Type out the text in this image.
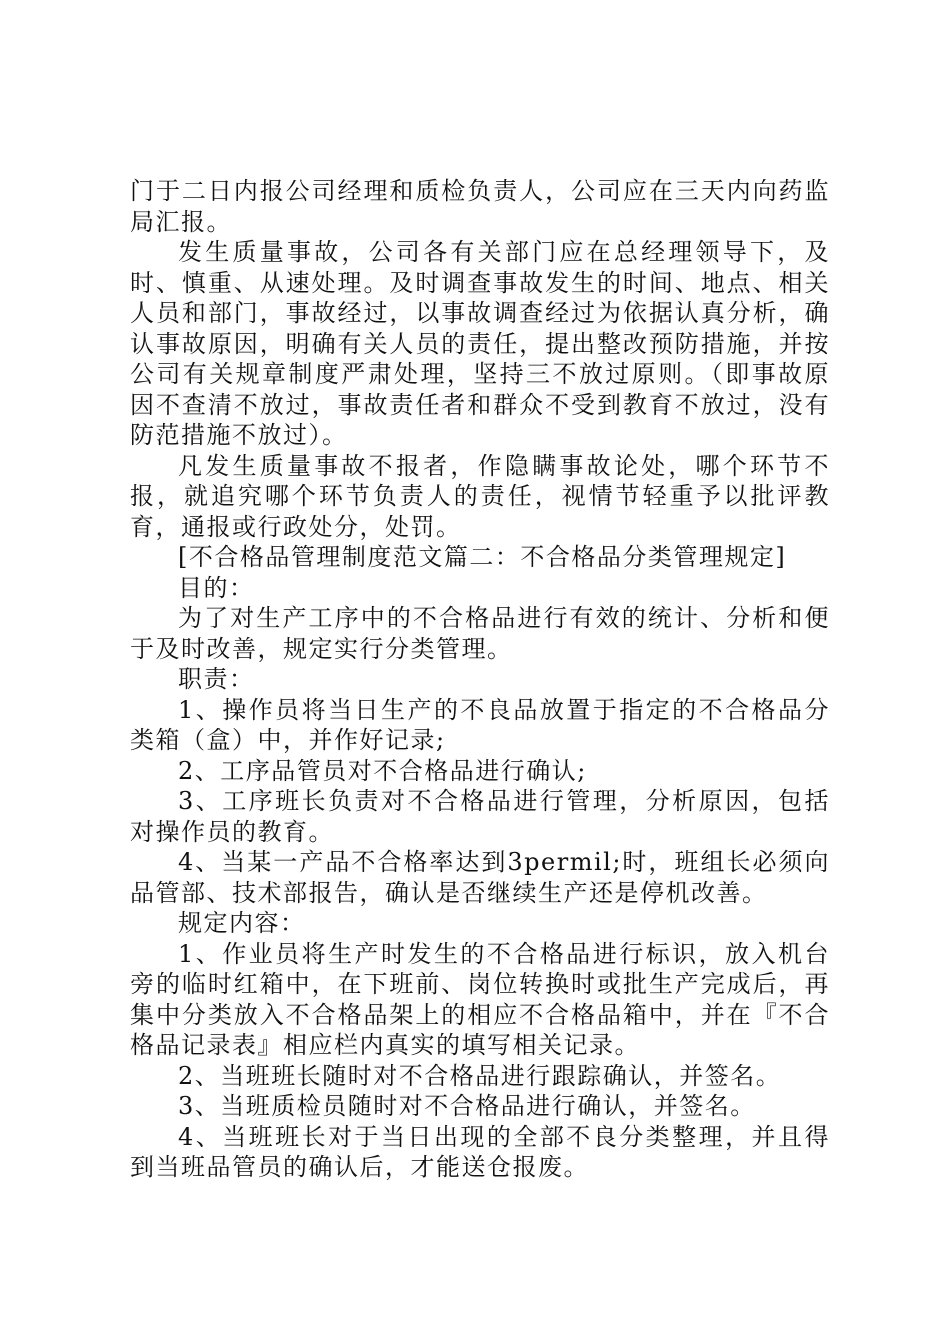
门于二日内报公司经理和质检负责人，公司应在三天内向药监局汇报。

发生质量事故，公司各有关部门应在总经理领导下，及时、慎重、从速处理。及时调查事故发生的时间、地点、相关人员和部门，事故经过，以事故调查经过为依据认真分析，确认事故原因，明确有关人员的责任，提出整改预防措施，并按公司有关规章制度严肃处理，坚持三不放过原则。（即事故原因不查清不放过，事故责任者和群众不受到教育不放过，没有防范措施不放过）。

凡发生质量事故不报者，作隐瞒事故论处，哪个环节不报，就追究哪个环节负责人的责任，视情节轻重予以批评教育，通报或行政处分，处罚。

[不合格品管理制度范文篇二：不合格品分类管理规定]

目的：

为了对生产工序中的不合格品进行有效的统计、分析和便于及时改善，规定实行分类管理。

职责：

1、操作员将当日生产的不良品放置于指定的不合格品分类箱（盒）中，并作好记录;

2、工序品管员对不合格品进行确认;

3、工序班长负责对不合格品进行管理，分析原因，包括对操作员的教育。

4、当某一产品不合格率达到3permil;时，班组长必须向品管部、技术部报告，确认是否继续生产还是停机改善。

规定内容：

1、作业员将生产时发生的不合格品进行标识，放入机台旁的临时红箱中，在下班前、岗位转换时或批生产完成后，再集中分类放入不合格品架上的相应不合格品箱中，并在『不合格品记录表』相应栏内真实的填写相关记录。

2、当班班长随时对不合格品进行跟踪确认，并签名。

3、当班质检员随时对不合格品进行确认，并签名。

4、当班班长对于当日出现的全部不良分类整理，并且得到当班品管员的确认后，才能送仓报废。
